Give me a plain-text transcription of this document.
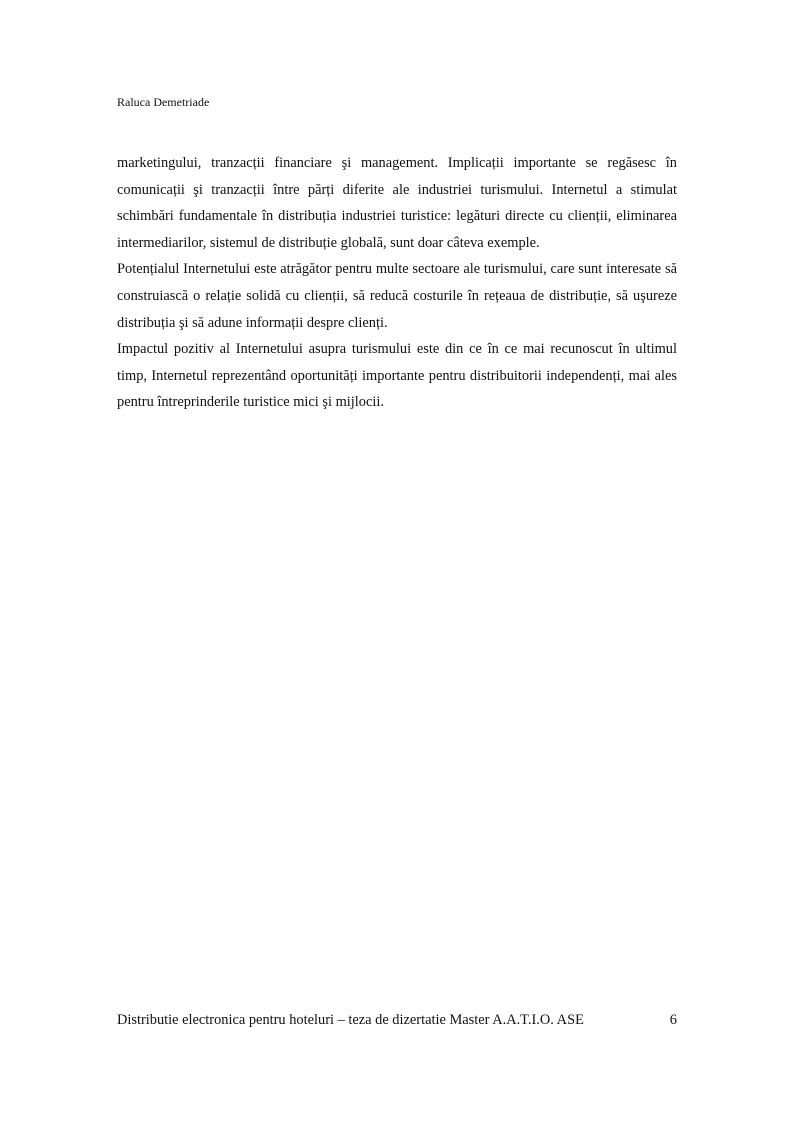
Raluca Demetriade

marketingului, tranzacții financiare şi management. Implicații importante se regăsesc în comunicații şi tranzacții între părți diferite ale industriei turismului. Internetul a stimulat schimbări fundamentale în distribuția industriei turistice: legături directe cu clienții, eliminarea intermediarilor, sistemul de distribuție globală, sunt doar câteva exemple.

Potențialul Internetului este atrăgător pentru multe sectoare ale turismului, care sunt interesate să construiască o relație solidă cu clienții, să reducă costurile în rețeaua de distribuție, să uşureze distribuția şi să adune informații despre clienți.

Impactul pozitiv al Internetului asupra turismului este din ce în ce mai recunoscut în ultimul timp, Internetul reprezentând oportunități importante pentru distribuitorii independenți, mai ales pentru întreprinderile turistice mici şi mijlocii.

Distributie electronica pentru hoteluri – teza de dizertatie Master A.A.T.I.O. ASE	6
